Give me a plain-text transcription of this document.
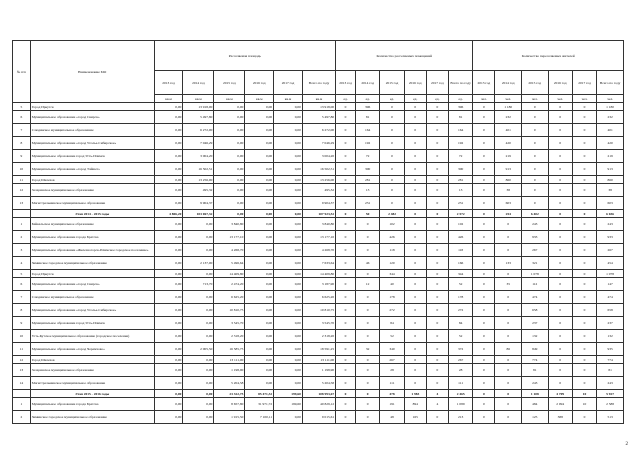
№ п/п	Наименование МО	Расселяемая площадь						Количество расселяемых помещений						Количество переселяемых жителей					
		2013 год	2014 год	2015 год	2016 год	2017 год	Всего по году	2013 год	2014 год	2015 год	2016 год	2017 год	Всего по году	2013 год	2014 год	2015 год	2016 год	2017 год	Всего по году
		кв.м	кв.м	кв.м	кв.м	кв.м	кв.м	ед.	ед.	ед.	ед.	ед.	ед.	чел.	чел.	чел.	чел.	чел.	чел.
5	Город Иркутск	0,00	13 918,00	0,00	0,00	0,00	13 918,00	0	396	0	0	0	396	0	1 180	0	0	0	1 180
6	Муниципальное образование «город Свирск»	0,00	5 497,80	0,00	0,00	0,00	5 497,80	0	81	0	0	0	81	0	232	0	0	0	232
7	Слюдянское муниципальное образование	0,00	6 272,00	0,00	0,00	0,00	6 272,00	0	164	0	0	0	164	0	401	0	0	0	401
8	Муниципальное образование «город Усолье-Сибирское»	0,00	7 046,29	0,00	0,00	0,00	7 046,29	0	192	0	0	0	192	0	420	0	0	0	420
9	Муниципальное образование город Усть-Илимск	0,00	3 004,20	0,00	0,00	0,00	3 004,20	0	72	0	0	0	72	0	219	0	0	0	219
10	Муниципальное образование «город Тайшет»	0,00	16 502,51	0,00	0,00	0,00	16 502,51	0	300	0	0	0	300	0	913	0	0	0	913
11	Город Шелехов	0,00	13 256,00	0,00	0,00	0,00	13 256,00	0	281	0	0	0	281	0	860	0	0	0	860
12	Заларинское муниципальное образование	0,00	495,32	0,00	0,00	0,00	495,32	0	13	0	0	0	13	0	38	0	0	0	38
13	Магистральнинское муниципальное образование	0,00	9 904,37	0,00	0,00	0,00	9 904,37	0	231	0	0	0	231	0	603	0	0	0	603
	Этап 2014 - 2015 годы	4 806,20	103 067,32	0,00	0,00	0,00	107 923,52	0	50	2 482	0	0	2 572	0	254	6 402	0	0	6 656
1	Байкальское муниципальное образование	0,00	0,00	3 840,80	0,00	0,00	3 840,80	0	0	102	0	0	102	0	0	243	0	0	243
2	Муниципальное образование города Братска	0,00	0,00	13 177,10	0,00	0,00	13 177,10	0	0	426	0	0	426	0	0	933	0	0	933
3	Муниципальное образование «Железногорск-Илимское городское поселение»	0,00	0,00	4 268,70	0,00	0,00	4 268,70	0	0	118	0	0	118	0	0	267	0	0	267
4	Зиминское городское муниципальное образование	0,00	2 137,00	5 496,64	0,00	0,00	7 633,64	0	46	120	0	0	166	0	133	321	0	0	454
5	Город Иркутск	0,00	0,00	14 409,80	0,00	0,00	14 409,80	0	0	344	0	0	344	0	0	1 078	0	0	1 078
6	Муниципальное образование «город Свирск»	0,00	713,70	2 474,20	0,00	0,00	3 187,90	0	12	40	0	0	52	0	35	112	0	0	147
7	Слюдянское муниципальное образование	0,00	0,00	6 625,20	0,00	0,00	6 625,20	0	0	178	0	0	178	0	0	474	0	0	474
8	Муниципальное образование «город Усолье-Сибирское»	0,00	0,00	10 810,75	0,00	0,00	10 810,75	0	0	272	0	0	272	0	0	658	0	0	658
9	Муниципальное образование город Усть-Илимск	0,00	0,00	3 545,70	0,00	0,00	3 545,70	0	0	84	0	0	84	0	0	237	0	0	237
10	Усть-Кутское муниципальное образование (городское поселение)	0,00	0,00	2 318,20	0,00	0,00	2 318,20	0	0	52	0	0	52	0	0	132	0	0	132
11	Муниципальное образование «город Черемхово»	0,00	2 005,50	16 585,75	0,00	0,00	18 591,25	0	32	340	0	0	372	0	86	849	0	0	935
12	Город Шелехов	0,00	0,00	13 111,00	0,00	0,00	13 111,00	0	0	267	0	0	267	0	0	774	0	0	774
13	Заларинское муниципальное образование	0,00	0,00	1 198,90	0,00	0,00	1 198,90	0	0	28	0	0	28	0	0	81	0	0	81
14	Магистральнинское муниципальное образование	0,00	0,00	5 204,58	0,00	0,00	5 204,58	0	0	111	0	0	111	0	0	243	0	0	243
	Этап 2015 - 2016 годы	0,00	0,00	23 322,75	85 471,32	199,60	108 993,67	0	0	478	1 983	4	2 465	0	0	1 108	4 709	10	5 927
1	Муниципальное образование города Братска	0,00	0,00	8 657,80	31 971,72	199,60	40 829,12	0	0	191	894	4	1 089	0	0	484	2 094	10	2 588
2	Зиминское городское муниципальное образование	0,00	0,00	1 915,50	7 100,11	0,00	9 015,61	0	0	48	165	0	213	0	0	125	388	0	513
2
